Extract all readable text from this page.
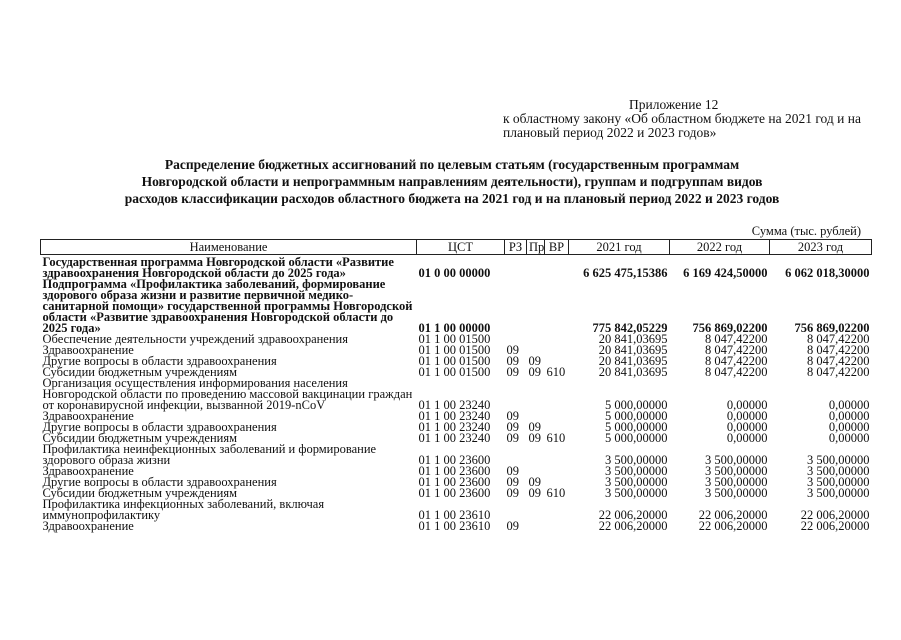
Приложение 12
к областному закону «Об областном бюджете на 2021 год и на плановый период 2022 и 2023 годов»
Распределение бюджетных ассигнований по целевым статьям (государственным программам
Новгородской области и непрограммным направлениям деятельности), группам и подгруппам видов
расходов классификации расходов областного бюджета на 2021 год и на плановый период 2022 и 2023 годов
Сумма (тыс. рублей)
Наименование	ЦСТ	РЗ	Пр	ВР	2021 год	2022 год	2023 год
Государственная программа Новгородской области «Развитие здравоохранения Новгородской области до 2025 года»	01 0 00 00000				6 625 475,15386	6 169 424,50000	6 062 018,30000
Подпрограмма «Профилактика заболеваний, формирование здорового образа жизни и развитие первичной медико-санитарной помощи» государственной программы Новгородской области «Развитие здравоохранения Новгородской области до 2025 года»	01 1 00 00000				775 842,05229	756 869,02200	756 869,02200
Обеспечение деятельности учреждений здравоохранения	01 1 00 01500				20 841,03695	8 047,42200	8 047,42200
Здравоохранение	01 1 00 01500	09			20 841,03695	8 047,42200	8 047,42200
Другие вопросы в области здравоохранения	01 1 00 01500	09	09		20 841,03695	8 047,42200	8 047,42200
Субсидии бюджетным учреждениям	01 1 00 01500	09	09	610	20 841,03695	8 047,42200	8 047,42200
Организация осуществления информирования населения Новгородской области по проведению массовой вакцинации граждан от коронавирусной инфекции, вызванной 2019-nCoV	01 1 00 23240				5 000,00000	0,00000	0,00000
Здравоохранение	01 1 00 23240	09			5 000,00000	0,00000	0,00000
Другие вопросы в области здравоохранения	01 1 00 23240	09	09		5 000,00000	0,00000	0,00000
Субсидии бюджетным учреждениям	01 1 00 23240	09	09	610	5 000,00000	0,00000	0,00000
Профилактика неинфекционных заболеваний и формирование здорового образа жизни	01 1 00 23600				3 500,00000	3 500,00000	3 500,00000
Здравоохранение	01 1 00 23600	09			3 500,00000	3 500,00000	3 500,00000
Другие вопросы в области здравоохранения	01 1 00 23600	09	09		3 500,00000	3 500,00000	3 500,00000
Субсидии бюджетным учреждениям	01 1 00 23600	09	09	610	3 500,00000	3 500,00000	3 500,00000
Профилактика инфекционных заболеваний, включая иммунопрофилактику	01 1 00 23610				22 006,20000	22 006,20000	22 006,20000
Здравоохранение	01 1 00 23610	09			22 006,20000	22 006,20000	22 006,20000
